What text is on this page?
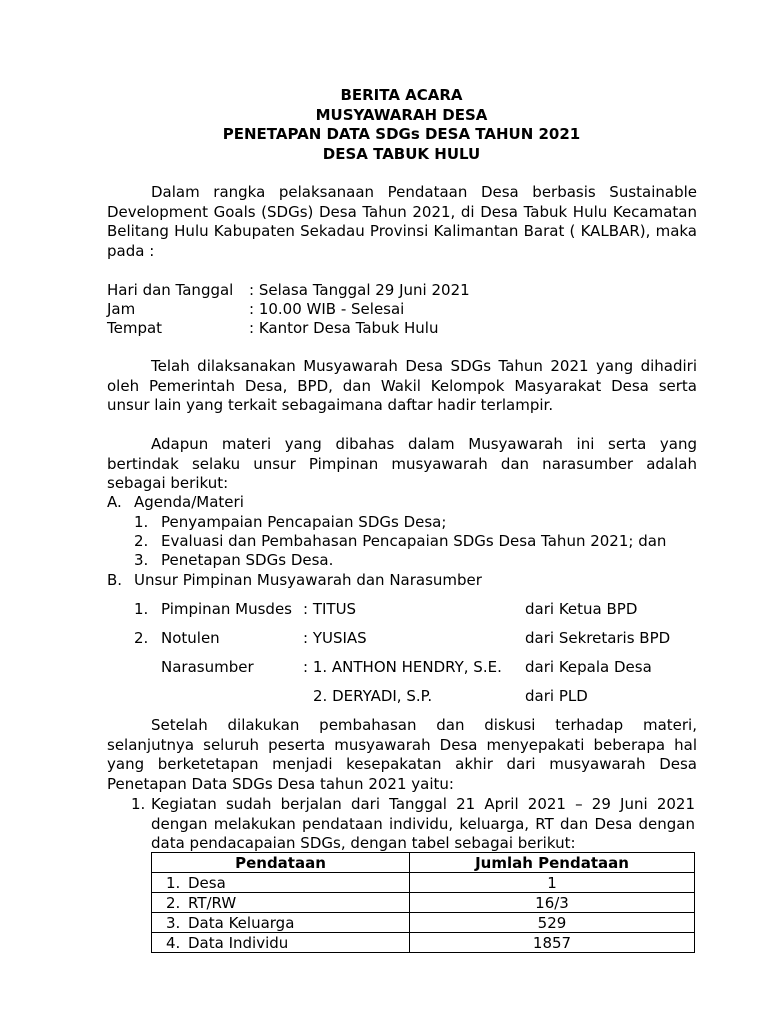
BERITA ACARA
MUSYAWARAH DESA
PENETAPAN DATA SDGs DESA TAHUN 2021
DESA TABUK HULU
Dalam rangka pelaksanaan Pendataan Desa berbasis Sustainable Development Goals (SDGs) Desa Tahun 2021, di Desa Tabuk Hulu Kecamatan Belitang Hulu Kabupaten Sekadau Provinsi Kalimantan Barat ( KALBAR), maka pada :
Hari dan Tanggal : Selasa Tanggal 29 Juni 2021
Jam	: 10.00 WIB - Selesai
Tempat	: Kantor Desa Tabuk Hulu
Telah dilaksanakan Musyawarah Desa SDGs Tahun 2021 yang dihadiri oleh Pemerintah Desa, BPD, dan Wakil Kelompok Masyarakat Desa serta unsur lain yang terkait sebagaimana daftar hadir terlampir.
Adapun materi yang dibahas dalam Musyawarah ini serta yang bertindak selaku unsur Pimpinan musyawarah dan narasumber adalah sebagai berikut:
A. Agenda/Materi
1. Penyampaian Pencapaian SDGs Desa;
2. Evaluasi dan Pembahasan Pencapaian SDGs Desa Tahun 2021; dan
3. Penetapan SDGs Desa.
B. Unsur Pimpinan Musyawarah dan Narasumber
1. Pimpinan Musdes : TITUS	dari Ketua BPD
2. Notulen	: YUSIAS	dari Sekretaris BPD
Narasumber	: 1. ANTHON HENDRY, S.E. dari Kepala Desa
2. DERYADI, S.P.	dari PLD
Setelah dilakukan pembahasan dan diskusi terhadap materi, selanjutnya seluruh peserta musyawarah Desa menyepakati beberapa hal yang berketetapan menjadi kesepakatan akhir dari musyawarah Desa Penetapan Data SDGs Desa tahun 2021 yaitu:
1. Kegiatan sudah berjalan dari Tanggal 21 April 2021 – 29 Juni 2021 dengan melakukan pendataan individu, keluarga, RT dan Desa dengan data pendacapaian SDGs, dengan tabel sebagai berikut:
Pendataan	Jumlah Pendataan
1. Desa	1
2. RT/RW	16/3
3. Data Keluarga	529
4. Data Individu	1857
